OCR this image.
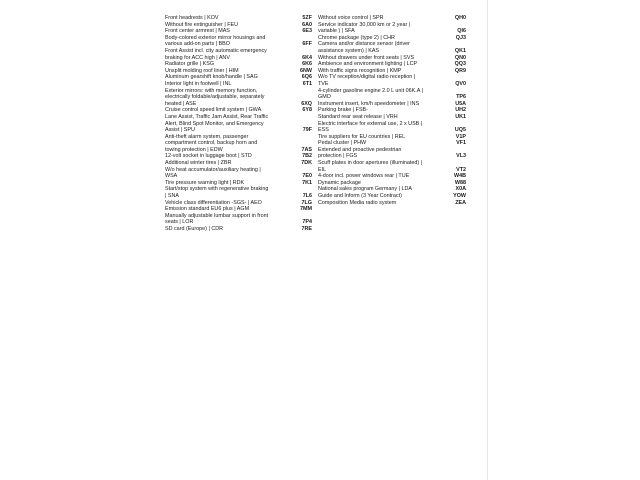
Front headrests | KOV	5ZF
Without fire extinguisher | FEU	6A0
Front center armrest | MAS	6E3
Body-colored exterior mirror housings and
various add-on parts | BBO	6FF
Front Assist incl. city automatic emergency
braking for ACC high | ANV	6K4
Radiator grille | KSG	6K6
Unsplit molding roof liner | HIM	6NW
Aluminum gearshift knob/handle | SAG	6Q6
Interior light in footwell | INL	6T1
Exterior mirrors: with memory function,
electrically foldable/adjustable, separately
heated | ASE	6XQ
Cruise control speed limit system | GWA	6Y8
Lane Assist, Traffic Jam Assist, Rear Traffic
Alert, Blind Spot Monitor, and Emergency
Assist | SPU	79F
Anti-theft alarm system, passenger
compartment control, backup horn and
towing protection | EDW	7AS
12-volt socket in luggage boot | STD	7B2
Additional winter tires | ZBR	7DK
W/o heat accumulator/auxiliary heating |
WSA	7E0
Tire pressure warning light | RDK	7K1
Start/stop system with regenerative braking
| SNA	7L6
Vehicle class differentiation -SGS- | AEO	7LG
Emission standard EU6 plus | AGM	7MM
Manually adjustable lumbar support in front
seats | LOR	7P4
SD card (Europe) | CDR	7RE
Without voice control | SPR	QH0
Service indicator 30,000 km or 2 year |
variable ) | SFA	QI6
Chrome package (type 2) | CHR	QJ3
Camera and/or distance sensor (driver
assistance system) | KAS	QK1
Without drawers under front seats | SVS	QN0
Ambience and environment lighting | LCP	QQ3
With traffic signs recognition | KMP	QR9
W/o TV reception/digital radio reception |
TVE	QV0
4-cylinder gasoline engine 2.0 L unit 06K.A |
GMO	TP6
Instrument insert, km/h speedometer | INS	U5A
Parking brake | FSB-	UH2
Standard rear seat release | VRH	UK1
Electric interface for external use, 2 x USB |
ESS	UQ5
Tire suppliers for EU countries | REL	V1P
Pedal cluster | PHW	VF1
Extended and proactive pedestrian
protection | FGS	VL3
Scuff plates in door apertures (illuminated) |
EIL	VT2
4-door incl. power windows rear | TUE	W4B
Dynamic package	W88
National sales program Germany | LDA	X0A
Guide and Inform (3 Year Contract)	YOW
Composition Media radio system	ZEA
